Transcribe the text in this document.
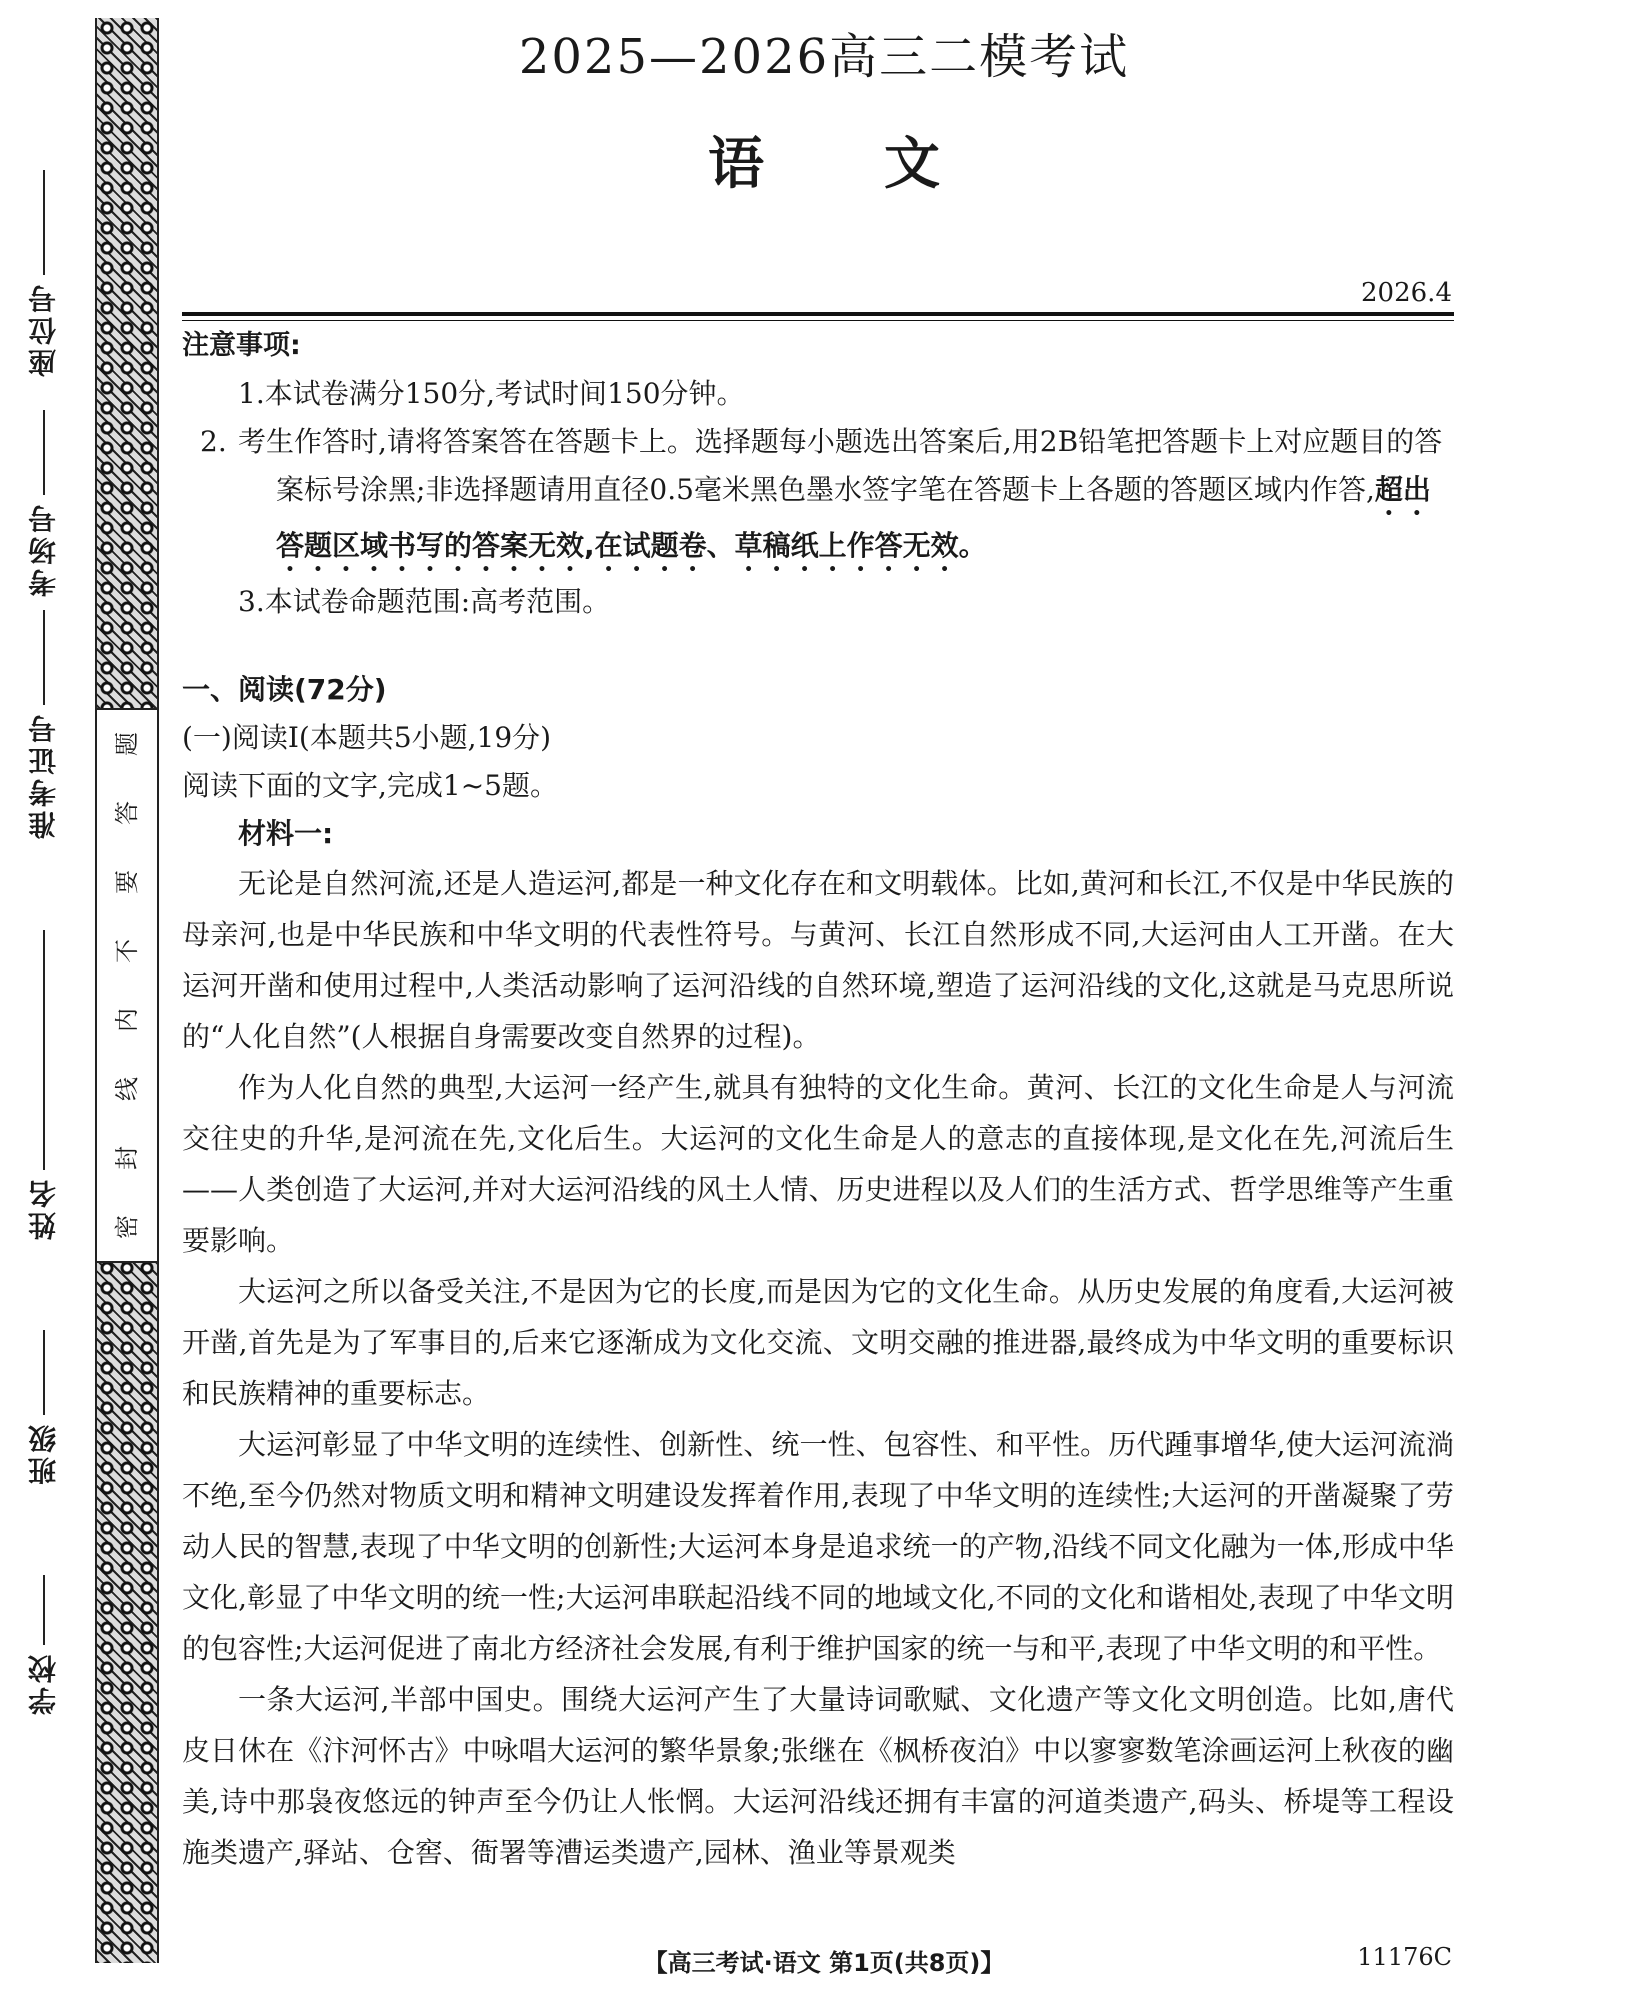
座位号
考场号
准考证号
姓名
班级
学校
题
答
要
不
内
线
封
密
2025—2026高三二模考试
语文
2026.4
注意事项:
1.本试卷满分150分,考试时间150分钟。
2. 考生作答时,请将答案答在答题卡上。选择题每小题选出答案后,用2B铅笔把答题卡上对应题目的答案标号涂黑;非选择题请用直径0.5毫米黑色墨水签字笔在答题卡上各题的答题区域内作答,超出答题区域书写的答案无效,在试题卷、草稿纸上作答无效。
3.本试卷命题范围:高考范围。
一、阅读(72分)
(一)阅读Ⅰ(本题共5小题,19分)
阅读下面的文字,完成1~5题。
材料一:
无论是自然河流,还是人造运河,都是一种文化存在和文明载体。比如,黄河和长江,不仅是中华民族的母亲河,也是中华民族和中华文明的代表性符号。与黄河、长江自然形成不同,大运河由人工开凿。在大运河开凿和使用过程中,人类活动影响了运河沿线的自然环境,塑造了运河沿线的文化,这就是马克思所说的“人化自然”(人根据自身需要改变自然界的过程)。
作为人化自然的典型,大运河一经产生,就具有独特的文化生命。黄河、长江的文化生命是人与河流交往史的升华,是河流在先,文化后生。大运河的文化生命是人的意志的直接体现,是文化在先,河流后生——人类创造了大运河,并对大运河沿线的风土人情、历史进程以及人们的生活方式、哲学思维等产生重要影响。
大运河之所以备受关注,不是因为它的长度,而是因为它的文化生命。从历史发展的角度看,大运河被开凿,首先是为了军事目的,后来它逐渐成为文化交流、文明交融的推进器,最终成为中华文明的重要标识和民族精神的重要标志。
大运河彰显了中华文明的连续性、创新性、统一性、包容性、和平性。历代踵事增华,使大运河流淌不绝,至今仍然对物质文明和精神文明建设发挥着作用,表现了中华文明的连续性;大运河的开凿凝聚了劳动人民的智慧,表现了中华文明的创新性;大运河本身是追求统一的产物,沿线不同文化融为一体,形成中华文化,彰显了中华文明的统一性;大运河串联起沿线不同的地域文化,不同的文化和谐相处,表现了中华文明的包容性;大运河促进了南北方经济社会发展,有利于维护国家的统一与和平,表现了中华文明的和平性。
一条大运河,半部中国史。围绕大运河产生了大量诗词歌赋、文化遗产等文化文明创造。比如,唐代皮日休在《汴河怀古》中咏唱大运河的繁华景象;张继在《枫桥夜泊》中以寥寥数笔涂画运河上秋夜的幽美,诗中那袅夜悠远的钟声至今仍让人怅惘。大运河沿线还拥有丰富的河道类遗产,码头、桥堤等工程设施类遗产,驿站、仓窖、衙署等漕运类遗产,园林、渔业等景观类
【高三考试·语文 第1页(共8页)】	11176C
